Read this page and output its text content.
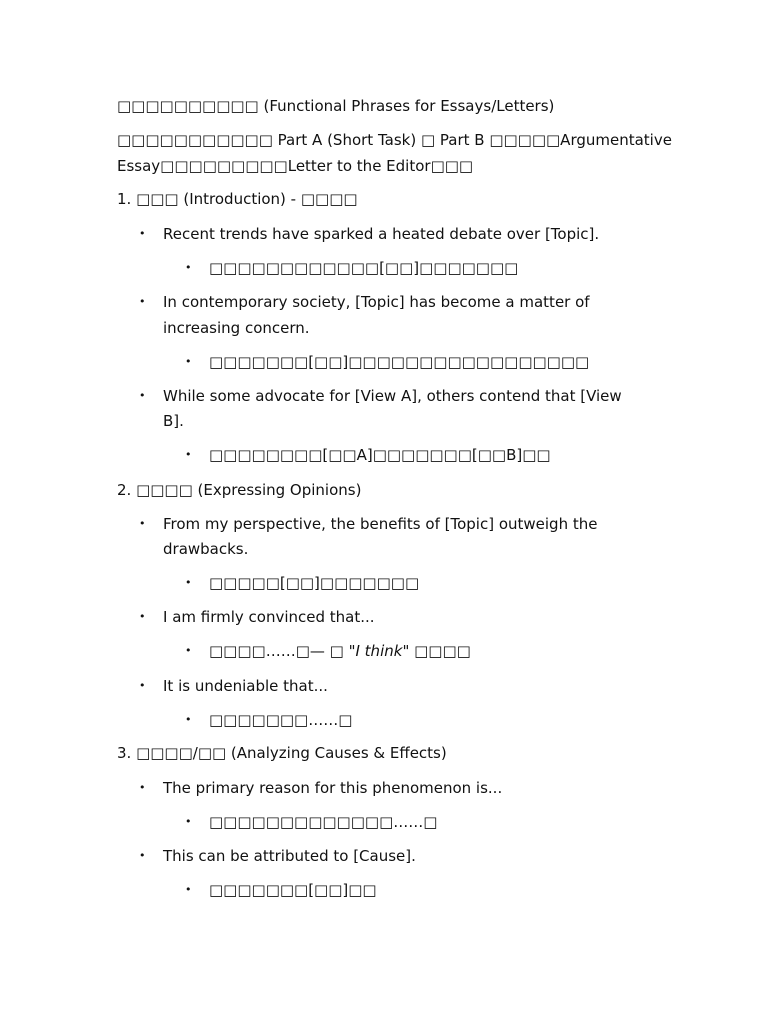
□□□□□□□□□□ (Functional Phrases for Essays/Letters)
□□□□□□□□□□□ Part A (Short Task) □ Part B □□□□□Argumentative
Essay□□□□□□□□□Letter to the Editor□□□
1. □□□ (Introduction) - □□□□
• Recent trends have sparked a heated debate over [Topic].
• □□□□□□□□□□□□[□□]□□□□□□□
• In contemporary society, [Topic] has become a matter of
increasing concern.
• □□□□□□□[□□]□□□□□□□□□□□□□□□□□
• While some advocate for [View A], others contend that [View
B].
• □□□□□□□□[□□A]□□□□□□□[□□B]□□
2. □□□□ (Expressing Opinions)
• From my perspective, the benefits of [Topic] outweigh the
drawbacks.
• □□□□□[□□]□□□□□□□
• I am firmly convinced that...
• □□□□……□— □ "I think" □□□□
• It is undeniable that...
• □□□□□□□……□
3. □□□□/□□ (Analyzing Causes & Effects)
• The primary reason for this phenomenon is...
• □□□□□□□□□□□□□……□
• This can be attributed to [Cause].
• □□□□□□□[□□]□□
